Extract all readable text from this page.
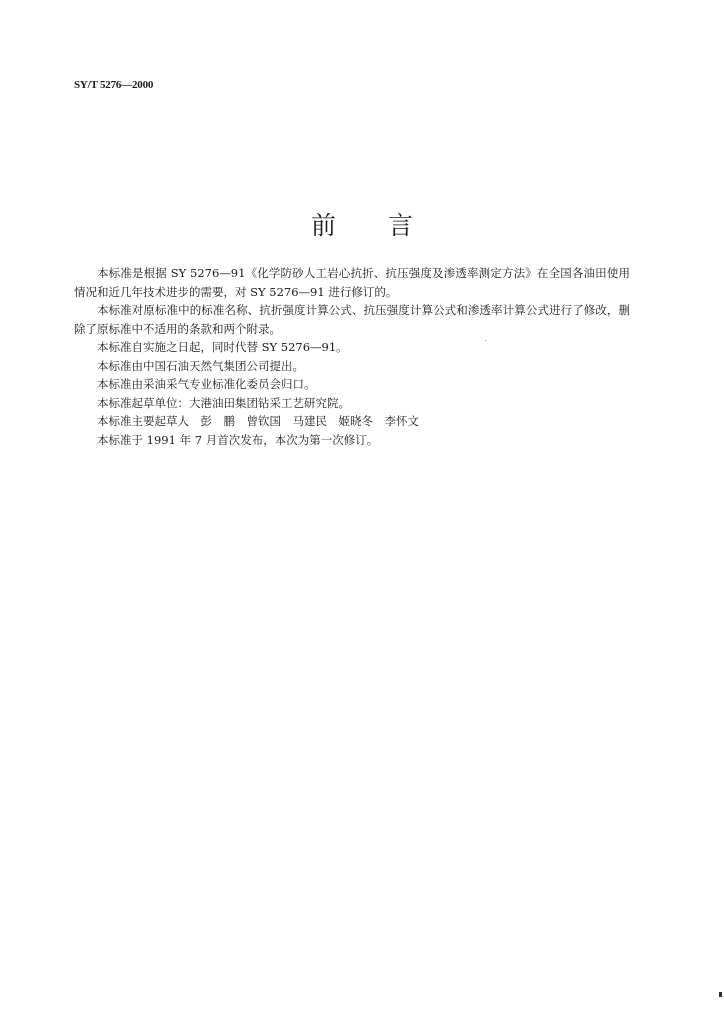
SY/T 5276—2000
前 言

本标准是根据 SY 5276—91《化学防砂人工岩心抗折、抗压强度及渗透率测定方法》在全国各油田使用情况和近几年技术进步的需要，对 SY 5276—91 进行修订的。

本标准对原标准中的标准名称、抗折强度计算公式、抗压强度计算公式和渗透率计算公式进行了修改，删除了原标准中不适用的条款和两个附录。

本标准自实施之日起，同时代替 SY 5276—91。

本标准由中国石油天然气集团公司提出。

本标准由采油采气专业标准化委员会归口。

本标准起草单位：大港油田集团钻采工艺研究院。

本标准主要起草人　彭　鹏　曾钦国　马建民　姬晓冬　李怀文

本标准于 1991 年 7 月首次发布，本次为第一次修订。
